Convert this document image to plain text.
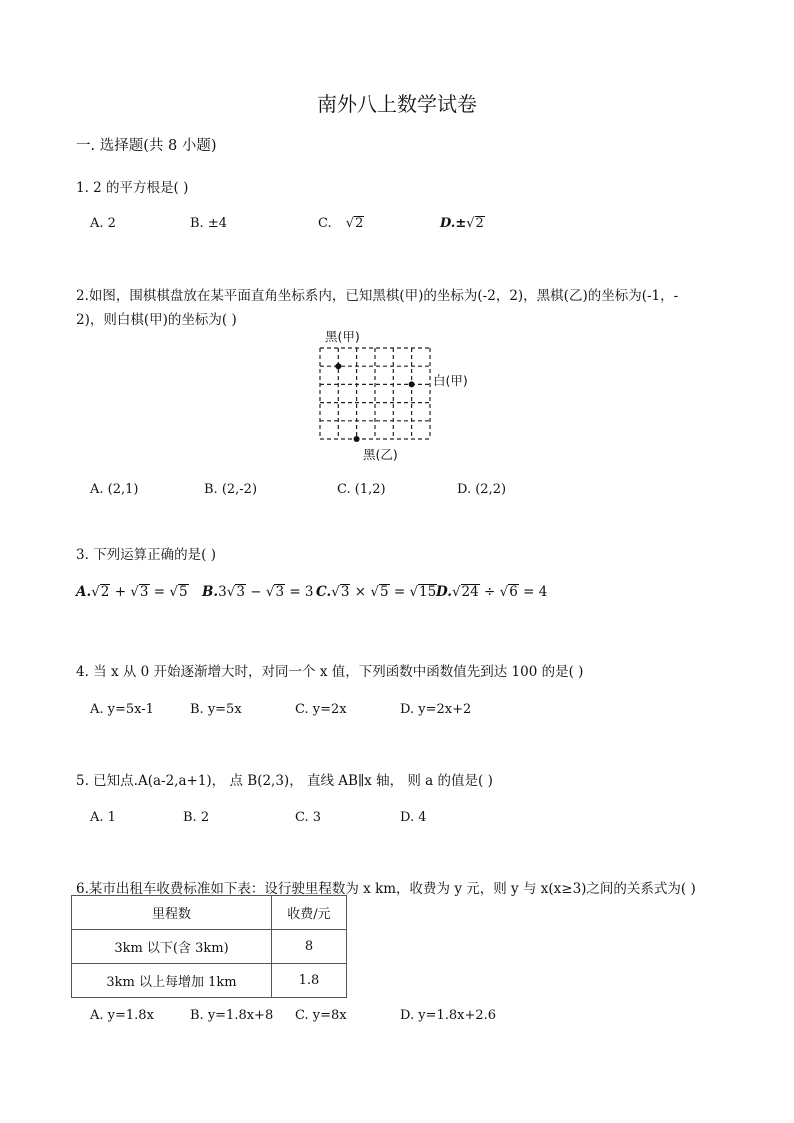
南外八上数学试卷
一. 选择题(共 8 小题)
1. 2 的平方根是( )
A. 2	B. ±4	C. √2	D.±√2
2.如图，围棋棋盘放在某平面直角坐标系内，已知黑棋(甲)的坐标为(-2，2)，黑棋(乙)的坐标为(-1，-
2)，则白棋(甲)的坐标为( )
黑(甲)
白(甲)
黑(乙)
A. (2,1)	B. (2,-2)	C. (1,2)	D. (2,2)
3. 下列运算正确的是( )
A.√2 + √3 = √5 B.3√3 − √3 = 3 C.√3 × √5 = √15 D.√24 ÷ √6 = 4
4. 当 x 从 0 开始逐渐增大时，对同一个 x 值，下列函数中函数值先到达 100 的是( )
A. y=5x-1	B. y=5x	C. y=2x	D. y=2x+2
5. 已知点.A(a-2,a+1)， 点 B(2,3)， 直线 AB∥x 轴， 则 a 的值是( )
A. 1	B. 2	C. 3	D. 4
6.某市出租车收费标准如下表：设行驶里程数为 x km，收费为 y 元，则 y 与 x(x≥3)之间的关系式为( )
里程数	收费/元
3km 以下(含 3km)	8
3km 以上每增加 1km	1.8
A. y=1.8x	B. y=1.8x+8 C. y=8x	D. y=1.8x+2.6
